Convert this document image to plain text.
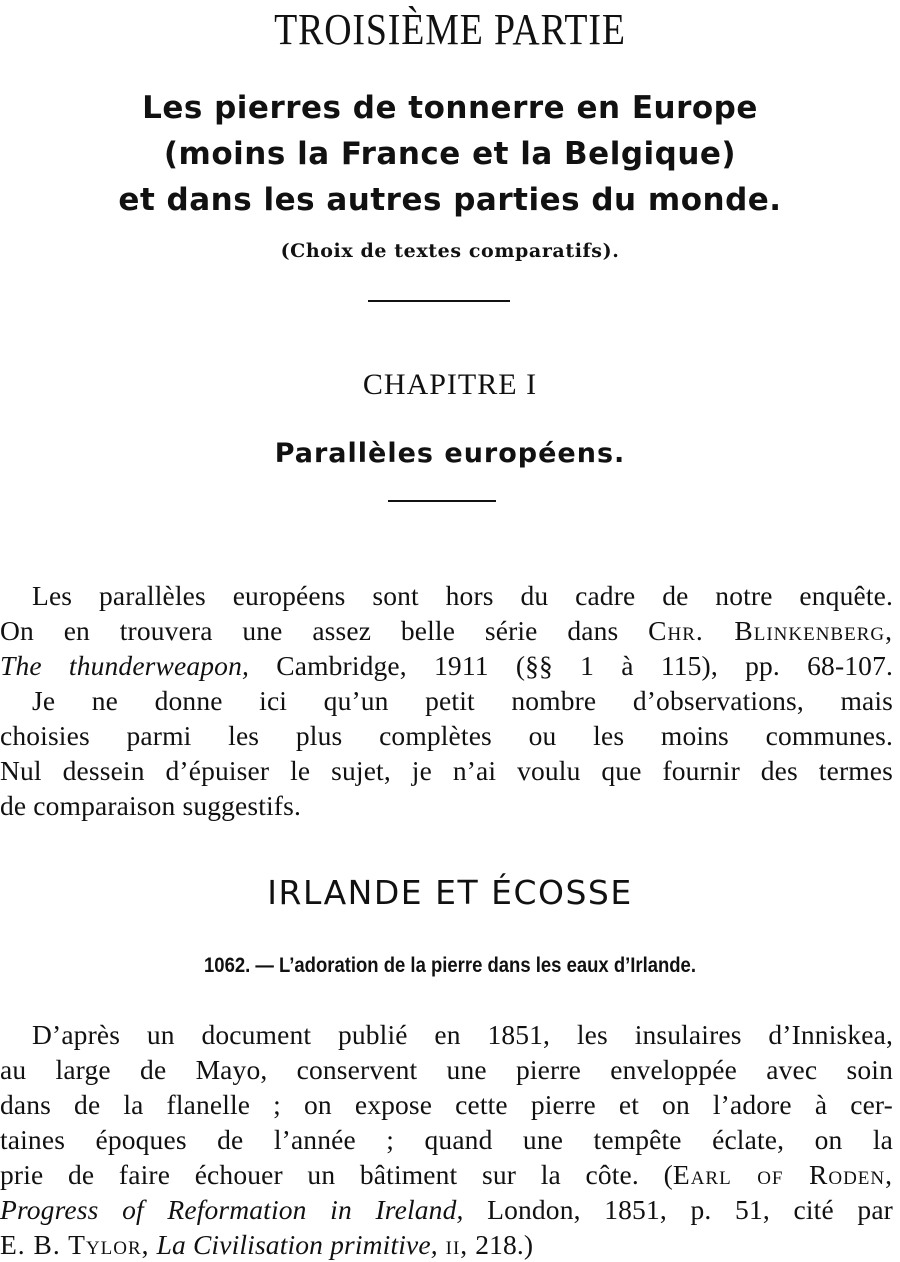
TROISIÈME PARTIE
Les pierres de tonnerre en Europe
(moins la France et la Belgique)
et dans les autres parties du monde.
(Choix de textes comparatifs).
CHAPITRE I
Parallèles européens.
Les parallèles européens sont hors du cadre de notre enquête.
On en trouvera une assez belle série dans Chr. Blinkenberg,
The thunderweapon, Cambridge, 1911 (§§ 1 à 115), pp. 68-107.
Je ne donne ici qu’un petit nombre d’observations, mais
choisies parmi les plus complètes ou les moins communes.
Nul dessein d’épuiser le sujet, je n’ai voulu que fournir des termes
de comparaison suggestifs.
IRLANDE ET ÉCOSSE
1062. — L’adoration de la pierre dans les eaux d’Irlande.
D’après un document publié en 1851, les insulaires d’Inniskea,
au large de Mayo, conservent une pierre enveloppée avec soin
dans de la flanelle ; on expose cette pierre et on l’adore à cer-
taines époques de l’année ; quand une tempête éclate, on la
prie de faire échouer un bâtiment sur la côte. (Earl of Roden,
Progress of Reformation in Ireland, London, 1851, p. 51, cité par
E. B. Tylor, La Civilisation primitive, ii, 218.)
